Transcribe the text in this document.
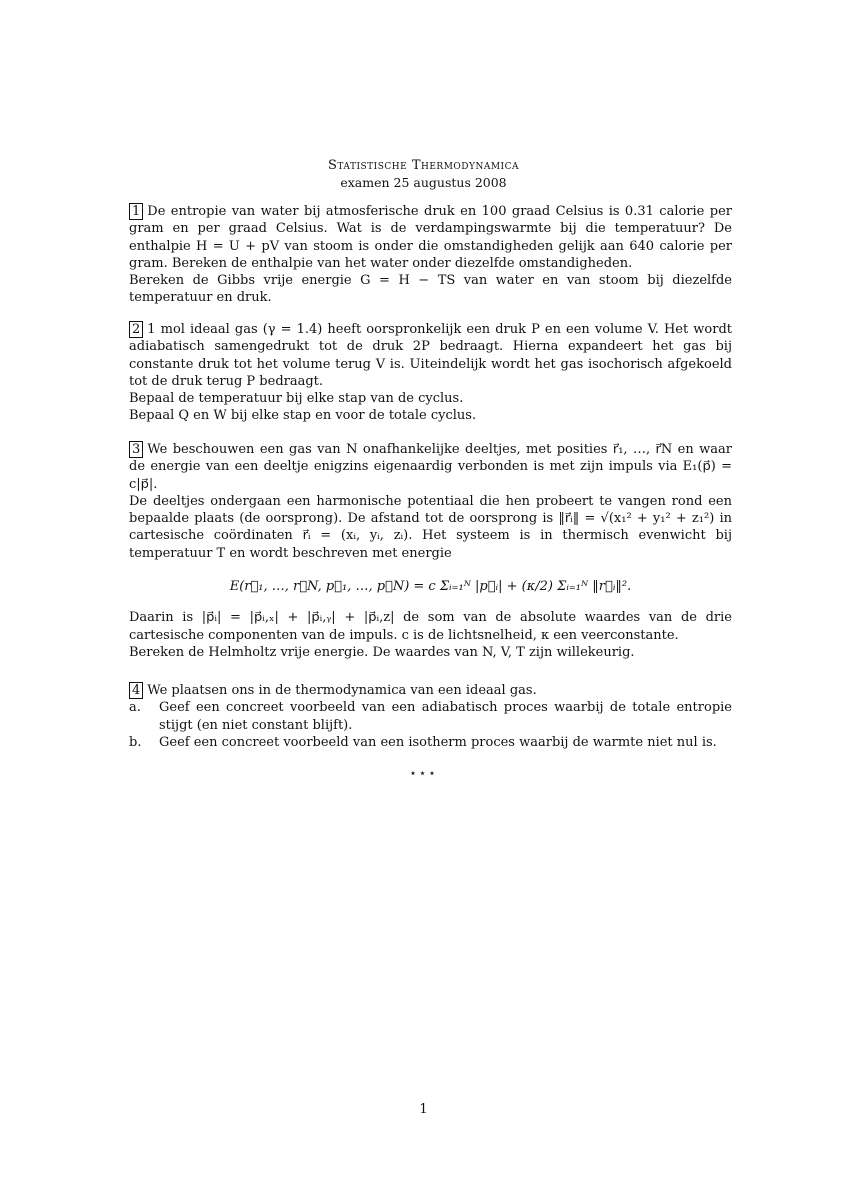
Statistische Thermodynamica
examen 25 augustus 2008

1 De entropie van water bij atmosferische druk en 100 graad Celsius is 0.31 calorie per gram en per graad Celsius. Wat is de verdampingswarmte bij die temperatuur? De enthalpie H = U + pV van stoom is onder die omstandigheden gelijk aan 640 calorie per gram. Bereken de enthalpie van het water onder diezelfde omstandigheden.

Bereken de Gibbs vrije energie G = H − TS van water en van stoom bij diezelfde temperatuur en druk.

2 1 mol ideaal gas (γ = 1.4) heeft oorspronkelijk een druk P en een volume V. Het wordt adiabatisch samengedrukt tot de druk 2P bedraagt. Hierna expandeert het gas bij constante druk tot het volume terug V is. Uiteindelijk wordt het gas isochorisch afgekoeld tot de druk terug P bedraagt.

Bepaal de temperatuur bij elke stap van de cyclus.

Bepaal Q en W bij elke stap en voor de totale cyclus.

3 We beschouwen een gas van N onafhankelijke deeltjes, met posities r⃗₁, …, r⃗N en waar de energie van een deeltje enigzins eigenaardig verbonden is met zijn impuls via E₁(p⃗) = c|p⃗|.

De deeltjes ondergaan een harmonische potentiaal die hen probeert te vangen rond een bepaalde plaats (de oorsprong). De afstand tot de oorsprong is ‖r⃗ᵢ‖ = √(x₁² + y₁² + z₁²) in cartesische coördinaten r⃗ᵢ = (xᵢ, yᵢ, zᵢ). Het systeem is in thermisch evenwicht bij temperatuur T en wordt beschreven met energie

E(r⃗₁, …, r⃗N, p⃗₁, …, p⃗N) = c Σᵢ₌₁ᴺ |p⃗ᵢ| + (κ/2) Σᵢ₌₁ᴺ ‖r⃗ᵢ‖².

Daarin is |p⃗ᵢ| = |p⃗ᵢ,ₓ| + |p⃗ᵢ,ᵧ| + |p⃗ᵢ,z| de som van de absolute waardes van de drie cartesische componenten van de impuls. c is de lichtsnelheid, κ een veerconstante.

Bereken de Helmholtz vrije energie. De waardes van N, V, T zijn willekeurig.

4 We plaatsen ons in de thermodynamica van een ideaal gas.

a.	Geef een concreet voorbeeld van een adiabatisch proces waarbij de totale entropie stijgt (en niet constant blijft).
b.	Geef een concreet voorbeeld van een isotherm proces waarbij de warmte niet nul is.
⋆⋆⋆
1
